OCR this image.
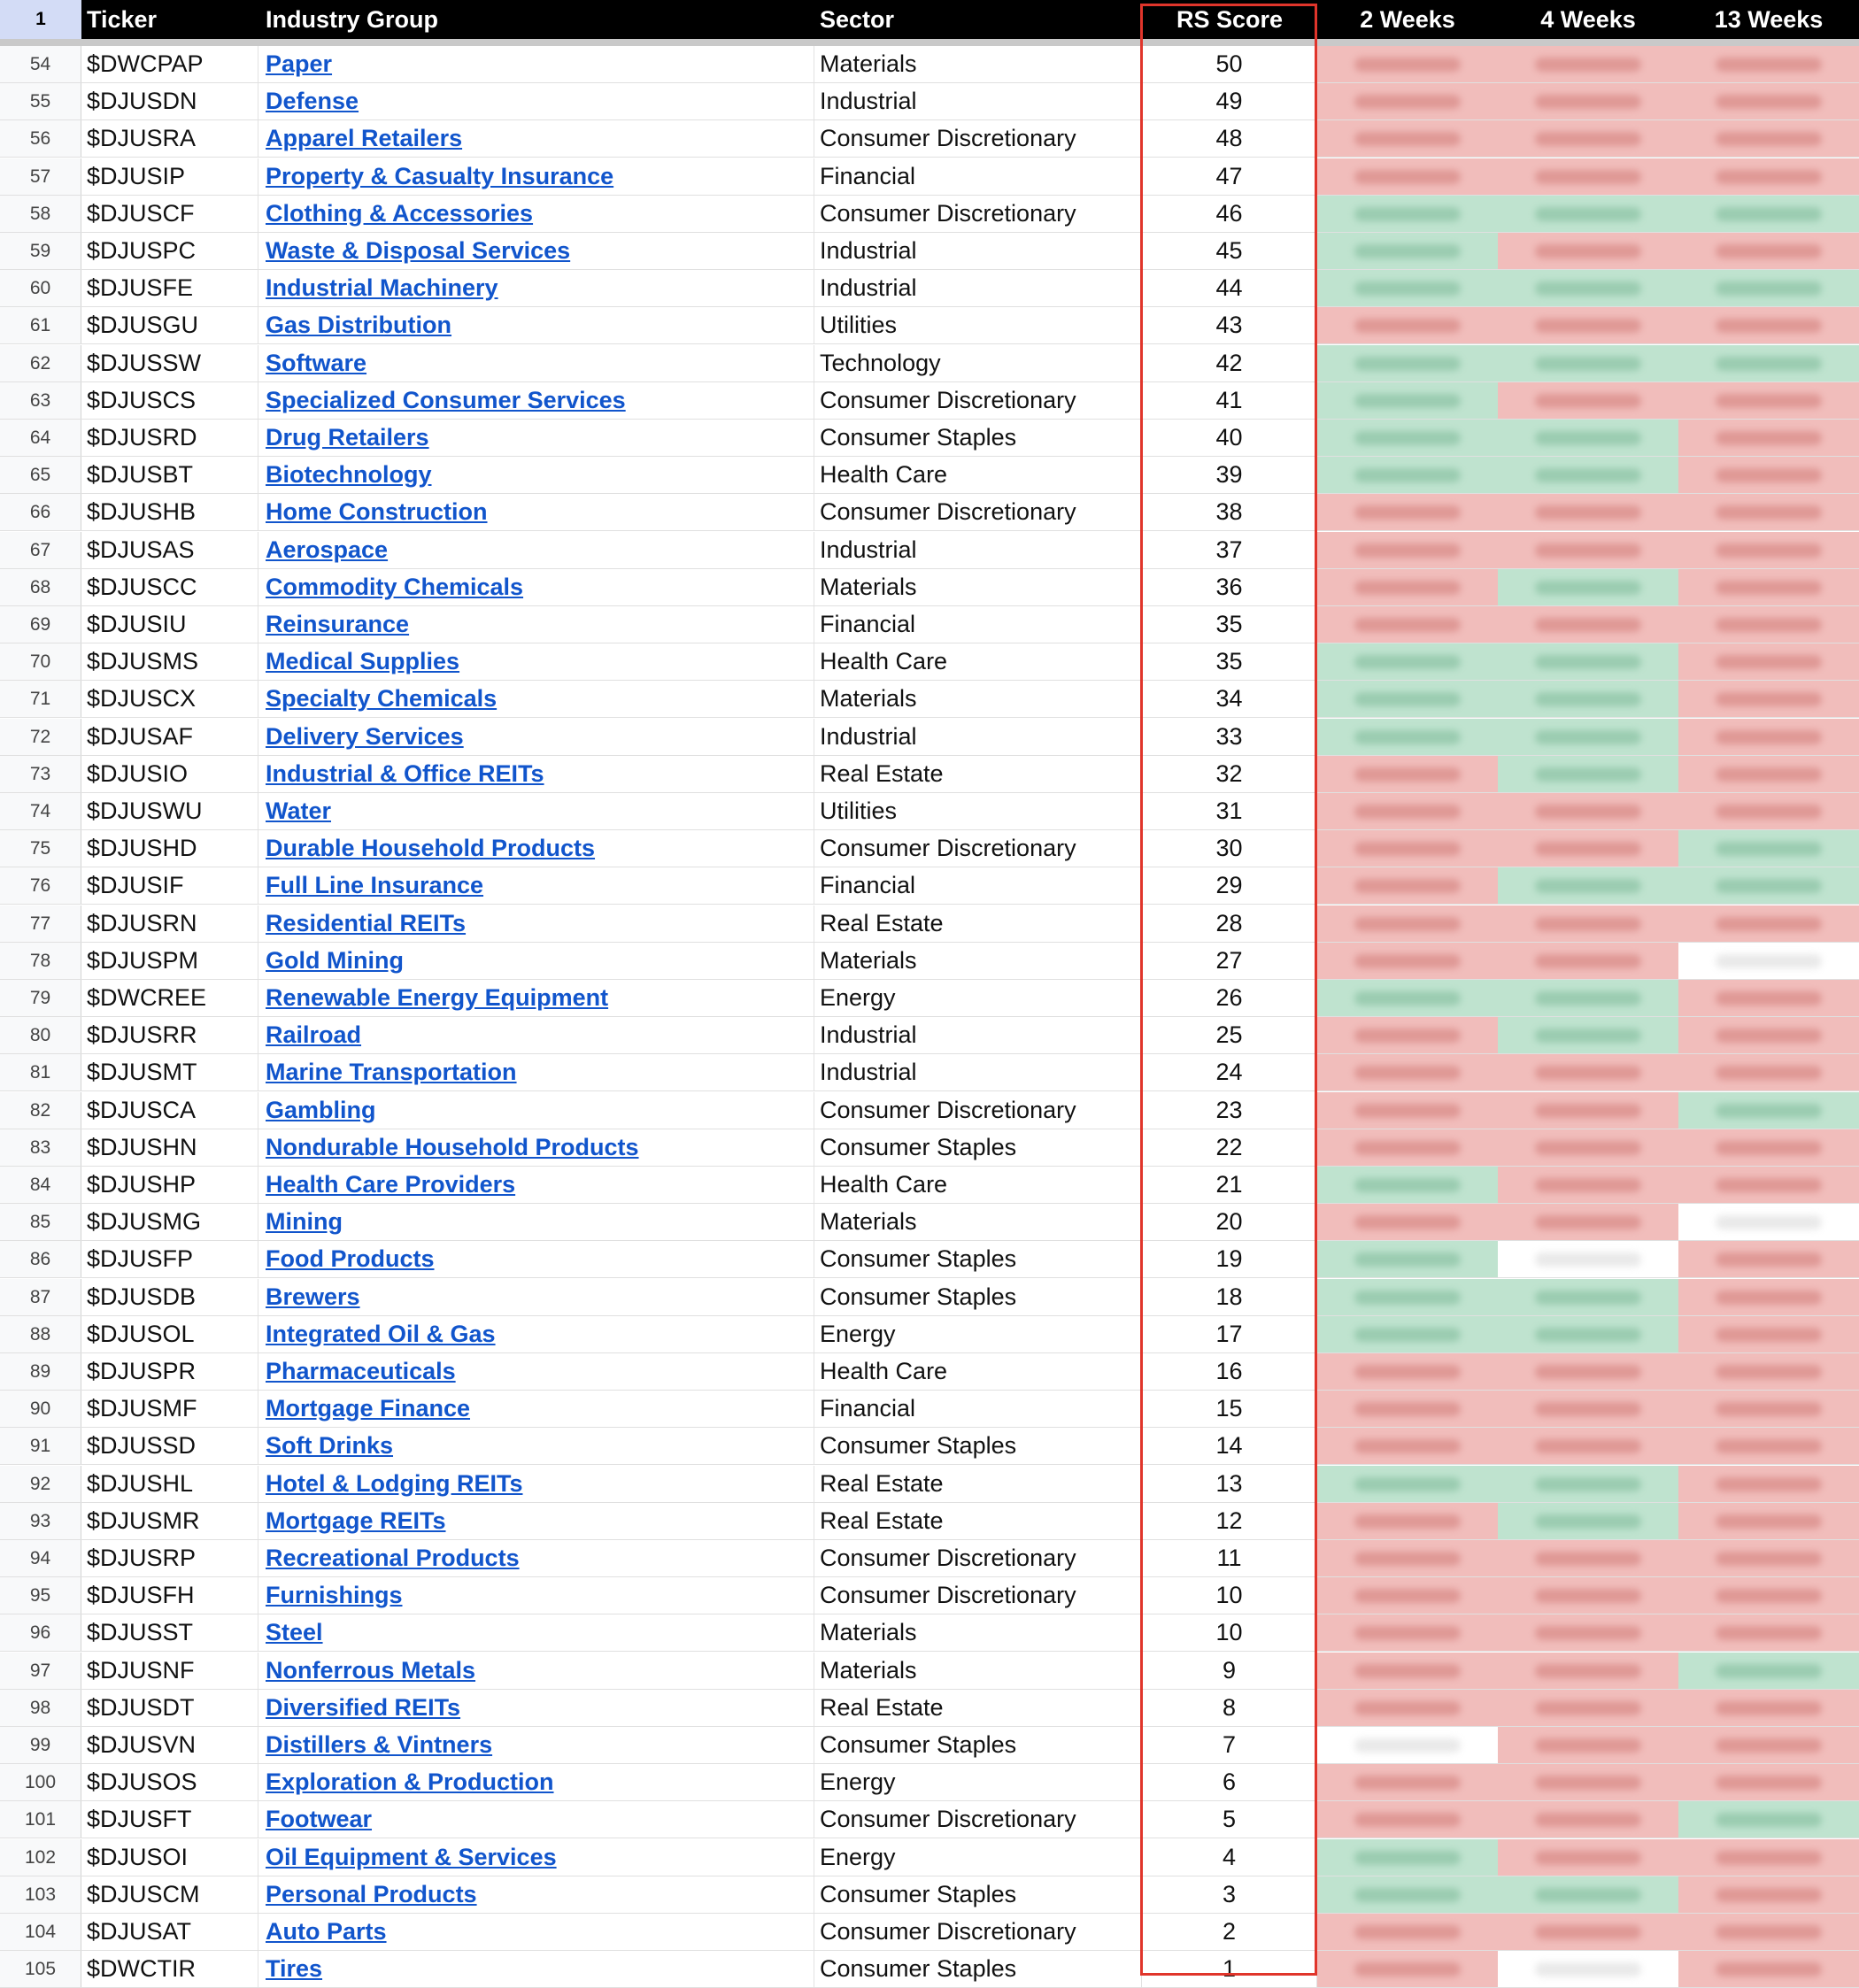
1	Ticker	Industry Group	Sector	RS Score	2 Weeks	4 Weeks	13 Weeks
54	$DWCPAP	Paper	Materials	50
55	$DJUSDN	Defense	Industrial	49
56	$DJUSRA	Apparel Retailers	Consumer Discretionary	48
57	$DJUSIP	Property & Casualty Insurance	Financial	47
58	$DJUSCF	Clothing & Accessories	Consumer Discretionary	46
59	$DJUSPC	Waste & Disposal Services	Industrial	45
60	$DJUSFE	Industrial Machinery	Industrial	44
61	$DJUSGU	Gas Distribution	Utilities	43
62	$DJUSSW	Software	Technology	42
63	$DJUSCS	Specialized Consumer Services	Consumer Discretionary	41
64	$DJUSRD	Drug Retailers	Consumer Staples	40
65	$DJUSBT	Biotechnology	Health Care	39
66	$DJUSHB	Home Construction	Consumer Discretionary	38
67	$DJUSAS	Aerospace	Industrial	37
68	$DJUSCC	Commodity Chemicals	Materials	36
69	$DJUSIU	Reinsurance	Financial	35
70	$DJUSMS	Medical Supplies	Health Care	35
71	$DJUSCX	Specialty Chemicals	Materials	34
72	$DJUSAF	Delivery Services	Industrial	33
73	$DJUSIO	Industrial & Office REITs	Real Estate	32
74	$DJUSWU	Water	Utilities	31
75	$DJUSHD	Durable Household Products	Consumer Discretionary	30
76	$DJUSIF	Full Line Insurance	Financial	29
77	$DJUSRN	Residential REITs	Real Estate	28
78	$DJUSPM	Gold Mining	Materials	27
79	$DWCREE	Renewable Energy Equipment	Energy	26
80	$DJUSRR	Railroad	Industrial	25
81	$DJUSMT	Marine Transportation	Industrial	24
82	$DJUSCA	Gambling	Consumer Discretionary	23
83	$DJUSHN	Nondurable Household Products	Consumer Staples	22
84	$DJUSHP	Health Care Providers	Health Care	21
85	$DJUSMG	Mining	Materials	20
86	$DJUSFP	Food Products	Consumer Staples	19
87	$DJUSDB	Brewers	Consumer Staples	18
88	$DJUSOL	Integrated Oil & Gas	Energy	17
89	$DJUSPR	Pharmaceuticals	Health Care	16
90	$DJUSMF	Mortgage Finance	Financial	15
91	$DJUSSD	Soft Drinks	Consumer Staples	14
92	$DJUSHL	Hotel & Lodging REITs	Real Estate	13
93	$DJUSMR	Mortgage REITs	Real Estate	12
94	$DJUSRP	Recreational Products	Consumer Discretionary	11
95	$DJUSFH	Furnishings	Consumer Discretionary	10
96	$DJUSST	Steel	Materials	10
97	$DJUSNF	Nonferrous Metals	Materials	9
98	$DJUSDT	Diversified REITs	Real Estate	8
99	$DJUSVN	Distillers & Vintners	Consumer Staples	7
100	$DJUSOS	Exploration & Production	Energy	6
101	$DJUSFT	Footwear	Consumer Discretionary	5
102	$DJUSOI	Oil Equipment & Services	Energy	4
103	$DJUSCM	Personal Products	Consumer Staples	3
104	$DJUSAT	Auto Parts	Consumer Discretionary	2
105	$DWCTIR	Tires	Consumer Staples	1
